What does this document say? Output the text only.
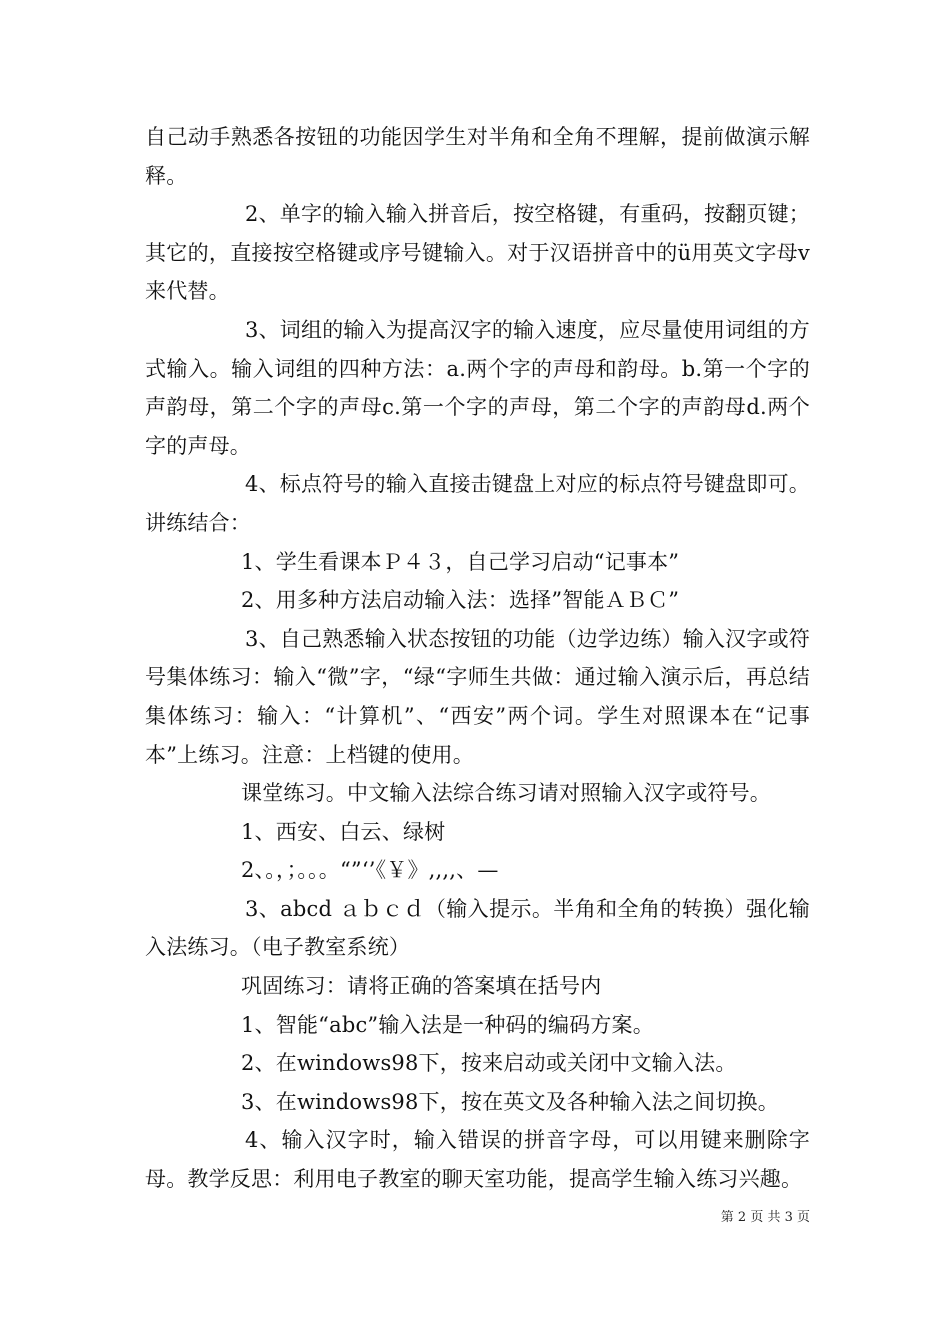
自己动手熟悉各按钮的功能因学生对半角和全角不理解，提前做演示解释。

2、单字的输入输入拼音后，按空格键，有重码，按翻页键；其它的，直接按空格键或序号键输入。对于汉语拼音中的ü用英文字母v来代替。

3、词组的输入为提高汉字的输入速度，应尽量使用词组的方式输入。输入词组的四种方法：a.两个字的声母和韵母。b.第一个字的声韵母，第二个字的声母c.第一个字的声母，第二个字的声韵母d.两个字的声母。

4、标点符号的输入直接击键盘上对应的标点符号键盘即可。讲练结合：

1、学生看课本Ｐ４３，自己学习启动“记事本”

2、用多种方法启动输入法：选择”智能ＡＢＣ”

3、自己熟悉输入状态按钮的功能（边学边练）输入汉字或符号集体练习：输入“微”字，“绿“字师生共做：通过输入演示后，再总结集体练习：输入：“计算机”、“西安”两个词。学生对照课本在“记事本”上练习。注意：上档键的使用。

课堂练习。中文输入法综合练习请对照输入汉字或符号。

1、西安、白云、绿树

2、。，；。。。“”‘’《￥》,,,,、—

3、abcd ａｂｃｄ（输入提示。半角和全角的转换）强化输入法练习。（电子教室系统）

巩固练习：请将正确的答案填在括号内

1、智能“abc”输入法是一种码的编码方案。

2、在windows98下，按来启动或关闭中文输入法。

3、在windows98下，按在英文及各种输入法之间切换。

4、输入汉字时，输入错误的拼音字母，可以用键来删除字母。教学反思：利用电子教室的聊天室功能，提高学生输入练习兴趣。

第 2 页 共 3 页
